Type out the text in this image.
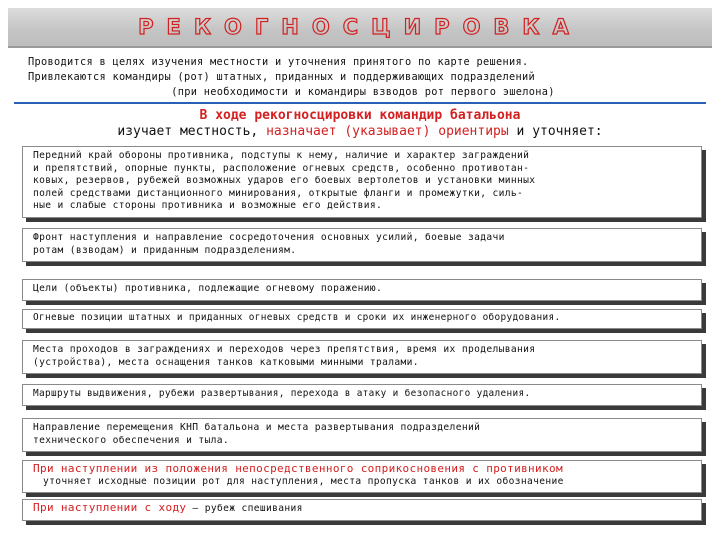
РЕКОГНОСЦИРОВКА
Проводится в целях изучения местности и уточнения принятого по карте решения.
Привлекаются командиры (рот) штатных, приданных и поддерживающих подразделений
(при необходимости и командиры взводов рот первого эшелона)
В ходе рекогносцировки командир батальона
изучает местность, назначает (указывает) ориентиры и уточняет:
Передний край обороны противника, подступы к нему, наличие и характер заграждений
и препятствий, опорные пункты, расположение огневых средств, особенно противотан-
ковых, резервов, рубежей возможных ударов его боевых вертолетов и установки минных
полей средствами дистанционного минирования, открытые фланги и промежутки, силь-
ные и слабые стороны противника и возможные его действия.
Фронт наступления и направление сосредоточения основных усилий, боевые задачи
ротам (взводам) и приданным подразделениям.
Цели (объекты) противника, подлежащие огневому поражению.
Огневые позиции штатных и приданных огневых средств и сроки их инженерного оборудования.
Места проходов в заграждениях и переходов через препятствия, время их проделывания
(устройства), места оснащения танков катковыми минными тралами.
Маршруты выдвижения, рубежи развертывания, перехода в атаку и безопасного удаления.
Направление перемещения КНП батальона и места развертывания подразделений
технического обеспечения и тыла.
При наступлении из положения непосредственного соприкосновения с противником
уточняет исходные позиции рот для наступления, места пропуска танков и их обозначение
При наступлении с ходу – рубеж спешивания
